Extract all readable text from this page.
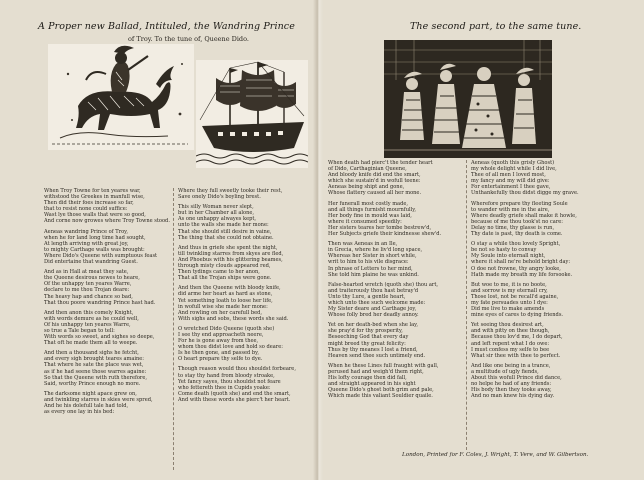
A Proper new Ballad, Intituled, the Wandring Prince
of Troy. To the tune of, Queene Dido.
When Troy Towne for ten yeares war,
withstood the Greekes in manfull wise,
Then did their foes increase so far,
that to resist none could suffice:
Wast lye those walls that were so good,
And corne now growes where Troy Towne stood.
Aeneas wandring Prince of Troy,
when he for land long time had sought,
At length arriving with great joy,
to mighty Carthage walls was brought:
Where Dido's Queene with sumptuous feast
Did entertaine that wandring Guest.
And as in Hall at meat they sate,
the Queene desirous newes to heare,
Of the unhappy ten yeares Warre,
declare to me thou Trojan deare:
The heavy hap and chance so bad,
That thou poore wandring Prince hast had.
And then anon this comely Knight,
with words demure as he could well,
Of his unhappy ten yeares Warre,
so true a Tale began to tell:
With words so sweet, and sighes so deepe,
That oft he made them all to weepe.
And then a thousand sighs he fetcht,
and every sigh brought teares amaine:
That where he sate the place was wet,
as if he had seene those warres againe:
So that the Queene with ruth therefore,
Said, worthy Prince enough no more.
The darksome night apace grew on,
and twinkling starres in skies were spred,
And he his dolefull tale had told,
as every one lay in his bed:
Where they full sweetly tooke their rest,
Save onely Dido's boyling brest.
This silly Woman never slept,
but in her Chamber all alone,
As one unhappy alwayes kept,
unto the walls she made her mone:
That she should still desire in vaine,
The thing that she could not obtaine.
And thus in griefe she spent the night,
till twinkling starres from skyes are fled,
And Phoebus with his glittering beames,
through misty clouds appeared red,
Then tydings came to her anon,
That all the Trojan ships were gone.
And then the Queene with bloody knife,
did arme her heart as hard as stone,
Yet something loath to loose her life,
in wofull wise she made her mone:
And rowling on her carefull bed,
With sighs and sobs, these words she said.
O wretched Dido Queene (quoth she)
I see thy end approacheth neere,
For he is gone away from thee,
whom thou didst love and hold so deare:
Is he then gone, and passed by,
O heart prepare thy selfe to dye.
Though reason would thou shouldst forbeare,
to stay thy hand from bloody stroake,
Yet fancy sayes, thou shouldst not feare
who fettereth thee in Cupids yoake:
Come death (quoth she) and end the smart,
And with these words she pierc't her heart.
The second part, to the same tune.
When death had pierc't the tender heart
of Dido, Carthaginian Queene,
And bloody knife did end the smart,
which she sustain'd in wofull teene:
Aeneas being shipt and gone,
Whose flattery caused all her mone.
Her funerall most costly made,
and all things furnisht mournfully,
Her body fine in mould was laid,
where it consumed speedily:
Her sisters teares her tombe bestrew'd,
Her Subjects griefe their kindnesse shew'd.
Then was Aeneas in an Ile,
in Grecia, where he liv'd long space,
Whereas her Sister in short while,
writ to him to his vile disgrace:
In phrase of Letters to her mind,
She told him plaine he was unkind.
False-hearted wretch (quoth she) thou art,
and traiterously thou hast betray'd
Unto thy Lure, a gentle heart,
which unto thee such welcome made:
My Sister deare and Carthage joy,
Whose folly bred her deadly annoy.
Yet on her death-bed when she lay,
she pray'd for thy prosperity,
Beseeching God that every day
might breed thy great felicity:
Thus by thy meanes I lost a friend,
Heaven send thee such untimely end.
When he these Lines full fraught with gall,
perused had and weigh'd them right,
His lofty courage then did fall,
and straight appeared in his sight
Queene Dido's ghost both grim and pale,
Which made this valiant Souldier quaile.
Aeneas (quoth this grisly Ghost)
my whole delight while I did live,
Thee of all men I loved most,
my fancy and my will did give:
For entertainment I thee gave,
Unthankefully thou didst digge my grave.
Wherefore prepare thy fleeting Soule
to wander with me in the aire,
Where deadly griefe shall make it howle,
because of me thou took'st no care:
Delay no time, thy glasse is run,
Thy date is past, thy death is come.
O stay a while thou lovely Spright,
be not so hasty to convay
My Soule into eternall night,
where it shall ne're behold bright day:
O doe not frowne, thy angry looke,
Hath made my breath my life forsooke.
But woe to me, it is no boote,
and sorrow is my eternall cry,
Those lost, not be recall'd againe,
my fate persuades unto I dye:
Did me live to make amends
mine eyes of cares to dying friends.
Yet seeing thou desirest art,
and with pitty on thee though,
Because thou lov'd me, I do depart,
and left repent what I do owe:
I must confess my selfe to bee
What sir thee with thee to perfect.
And like one being in a trance,
a multitude of ugly fiends,
About this wofull Prince did dance,
no helpe he had of any friends:
His body then they tooke away,
And no man knew his dying day.
London, Printed for F. Coles, J. Wright, T. Vere, and W. Gilbertson.
